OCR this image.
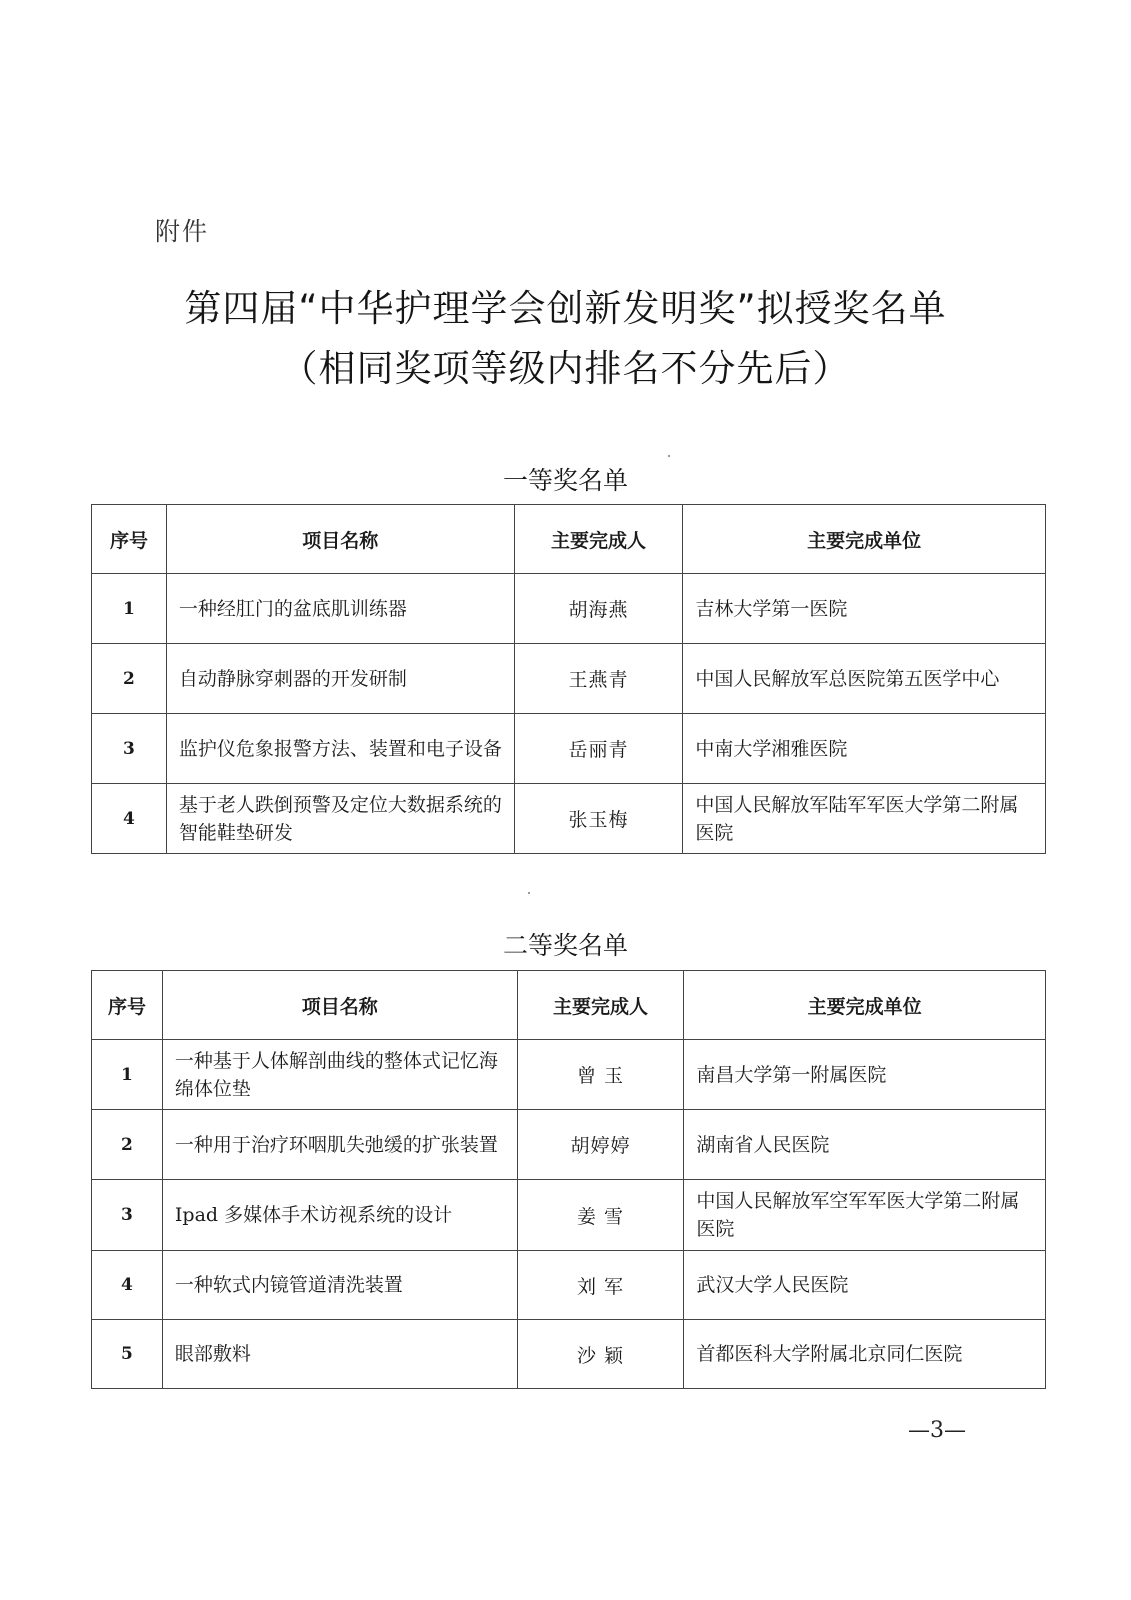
附件
第四届“中华护理学会创新发明奖”拟授奖名单
（相同奖项等级内排名不分先后）
一等奖名单
序号	项目名称	主要完成人	主要完成单位
1	一种经肛门的盆底肌训练器	胡海燕	吉林大学第一医院
2	自动静脉穿刺器的开发研制	王燕青	中国人民解放军总医院第五医学中心
3	监护仪危象报警方法、装置和电子设备	岳丽青	中南大学湘雅医院
4	基于老人跌倒预警及定位大数据系统的智能鞋垫研发	张玉梅	中国人民解放军陆军军医大学第二附属医院
二等奖名单
序号	项目名称	主要完成人	主要完成单位
1	一种基于人体解剖曲线的整体式记忆海绵体位垫	曾 玉	南昌大学第一附属医院
2	一种用于治疗环咽肌失弛缓的扩张装置	胡婷婷	湖南省人民医院
3	Ipad 多媒体手术访视系统的设计	姜 雪	中国人民解放军空军军医大学第二附属医院
4	一种软式内镜管道清洗装置	刘 军	武汉大学人民医院
5	眼部敷料	沙 颖	首都医科大学附属北京同仁医院
—3—
